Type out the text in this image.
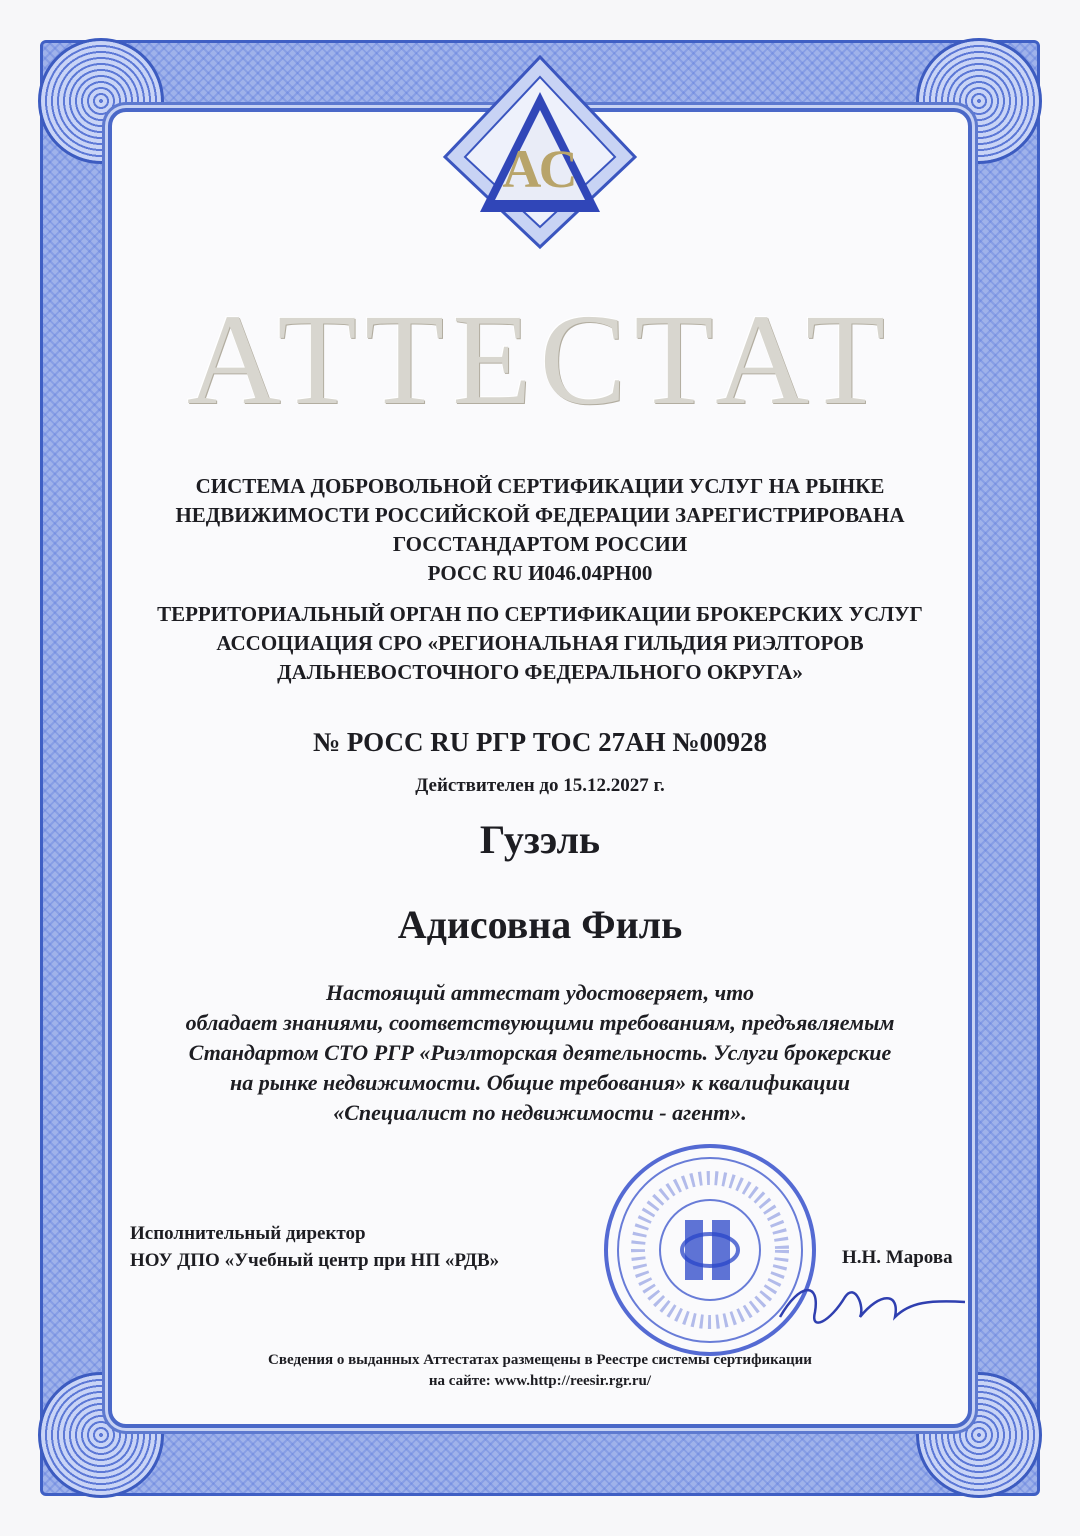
АС
АТТЕСТАТ
СИСТЕМА ДОБРОВОЛЬНОЙ СЕРТИФИКАЦИИ УСЛУГ НА РЫНКЕ
НЕДВИЖИМОСТИ РОССИЙСКОЙ ФЕДЕРАЦИИ ЗАРЕГИСТРИРОВАНА
ГОССТАНДАРТОМ РОССИИ
РОСС RU И046.04РН00
ТЕРРИТОРИАЛЬНЫЙ ОРГАН ПО СЕРТИФИКАЦИИ БРОКЕРСКИХ УСЛУГ
АССОЦИАЦИЯ СРО «РЕГИОНАЛЬНАЯ ГИЛЬДИЯ РИЭЛТОРОВ
ДАЛЬНЕВОСТОЧНОГО ФЕДЕРАЛЬНОГО ОКРУГА»
№ РОСС RU РГР ТОС 27АН №00928
Действителен до 15.12.2027 г.
Гузэль
Адисовна Филь
Настоящий аттестат удостоверяет, что
обладает знаниями, соответствующими требованиям, предъявляемым
Стандартом СТО РГР «Риэлторская деятельность. Услуги брокерские
на рынке недвижимости. Общие требования» к квалификации
«Специалист по недвижимости - агент».
Исполнительный директор
НОУ ДПО «Учебный центр при НП «РДВ»	Н.Н. Марова
Сведения о выданных Аттестатах размещены в Реестре системы сертификации
на сайте: www.http://reesir.rgr.ru/
